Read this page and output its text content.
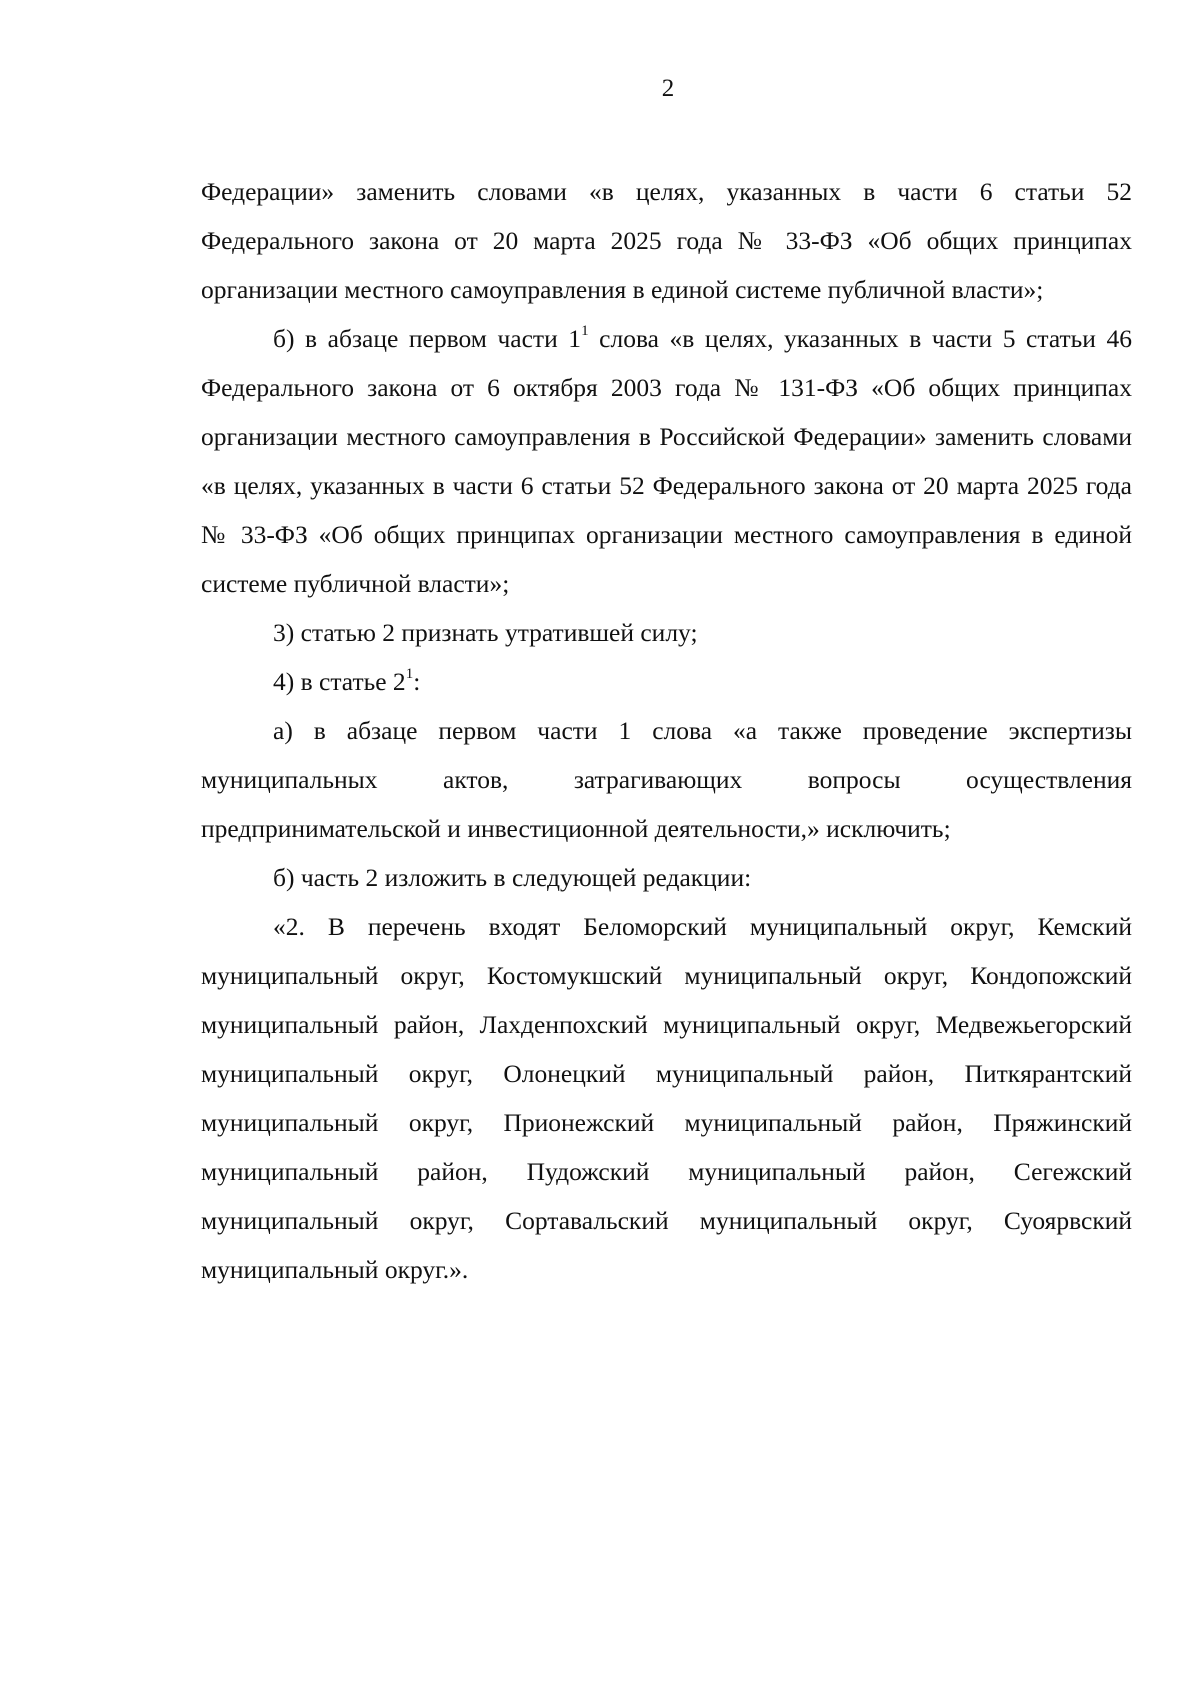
2

Федерации» заменить словами «в целях, указанных в части 6 статьи 52 Федерального закона от 20 марта 2025 года № 33-ФЗ «Об общих принципах организации местного самоуправления в единой системе публичной власти»;

б) в абзаце первом части $1^1$ слова «в целях, указанных в части 5 статьи 46 Федерального закона от 6 октября 2003 года № 131-ФЗ «Об общих принципах организации местного самоуправления в Российской Федерации» заменить словами «в целях, указанных в части 6 статьи 52 Федерального закона от 20 марта 2025 года № 33-ФЗ «Об общих принципах организации местного самоуправления в единой системе публичной власти»;

3) статью 2 признать утратившей силу;

4) в статье $2^1$:

а) в абзаце первом части 1 слова «а также проведение экспертизы муниципальных актов, затрагивающих вопросы осуществления предпринимательской и инвестиционной деятельности,» исключить;

б) часть 2 изложить в следующей редакции:

«2. В перечень входят Беломорский муниципальный округ, Кемский муниципальный округ, Костомукшский муниципальный округ, Кондопожский муниципальный район, Лахденпохский муниципальный округ, Медвежьегорский муниципальный округ, Олонецкий муниципальный район, Питкярантский муниципальный округ, Прионежский муниципальный район, Пряжинский муниципальный район, Пудожский муниципальный район, Сегежский муниципальный округ, Сортавальский муниципальный округ, Суоярвский муниципальный округ.».
